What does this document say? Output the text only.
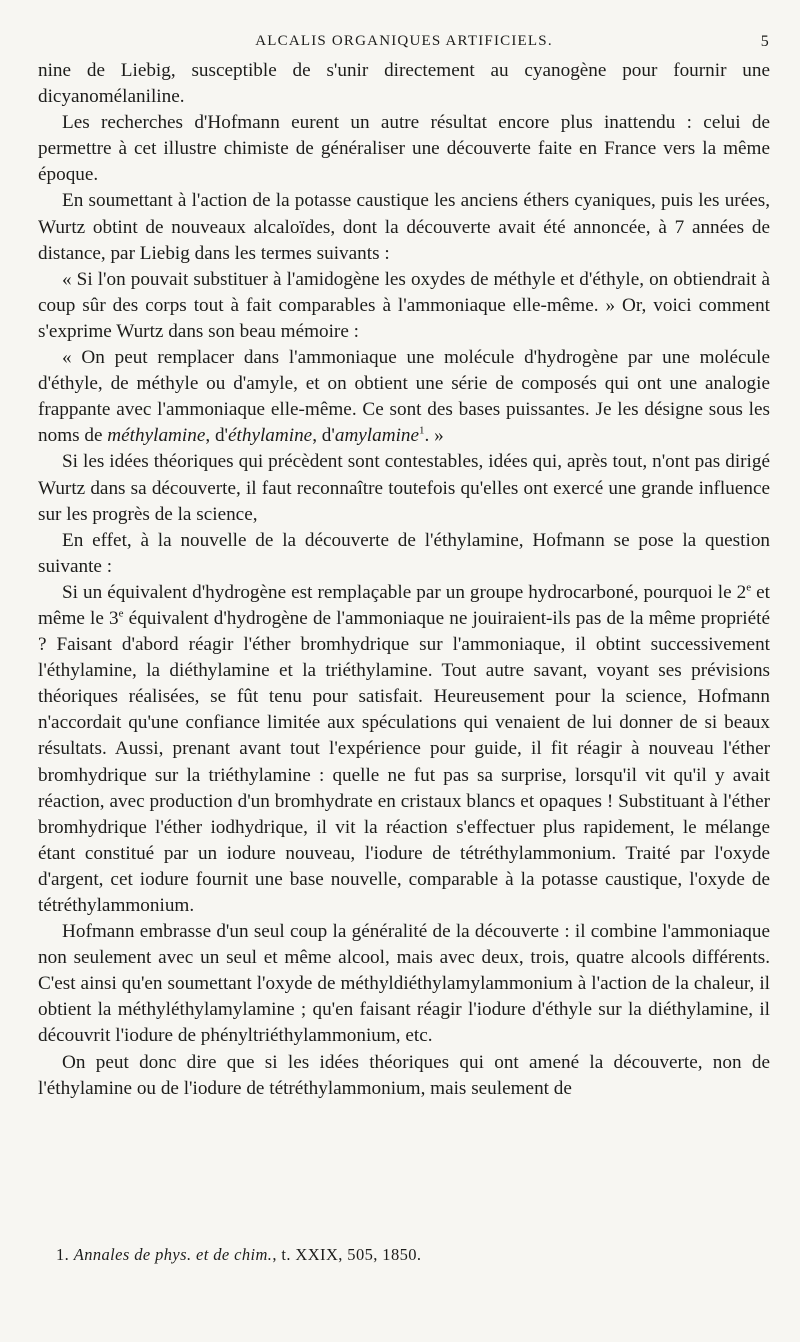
ALCALIS ORGANIQUES ARTIFICIELS.	5

nine de Liebig, susceptible de s'unir directement au cyanogène pour fournir une dicyanomélaniline.

Les recherches d'Hofmann eurent un autre résultat encore plus inattendu : celui de permettre à cet illustre chimiste de généraliser une découverte faite en France vers la même époque.

En soumettant à l'action de la potasse caustique les anciens éthers cyaniques, puis les urées, Wurtz obtint de nouveaux alcaloïdes, dont la découverte avait été annoncée, à 7 années de distance, par Liebig dans les termes suivants :

« Si l'on pouvait substituer à l'amidogène les oxydes de méthyle et d'éthyle, on obtiendrait à coup sûr des corps tout à fait comparables à l'ammoniaque elle-même. » Or, voici comment s'exprime Wurtz dans son beau mémoire :

« On peut remplacer dans l'ammoniaque une molécule d'hydrogène par une molécule d'éthyle, de méthyle ou d'amyle, et on obtient une série de composés qui ont une analogie frappante avec l'ammoniaque elle-même. Ce sont des bases puissantes. Je les désigne sous les noms de méthylamine, d'éthylamine, d'amylamine$^1$. »

Si les idées théoriques qui précèdent sont contestables, idées qui, après tout, n'ont pas dirigé Wurtz dans sa découverte, il faut reconnaître toutefois qu'elles ont exercé une grande influence sur les progrès de la science,

En effet, à la nouvelle de la découverte de l'éthylamine, Hofmann se pose la question suivante :

Si un équivalent d'hydrogène est remplaçable par un groupe hydrocarboné, pourquoi le 2e et même le 3e équivalent d'hydrogène de l'ammoniaque ne jouiraient-ils pas de la même propriété ? Faisant d'abord réagir l'éther bromhydrique sur l'ammoniaque, il obtint successivement l'éthylamine, la diéthylamine et la triéthylamine. Tout autre savant, voyant ses prévisions théoriques réalisées, se fût tenu pour satisfait. Heureusement pour la science, Hofmann n'accordait qu'une confiance limitée aux spéculations qui venaient de lui donner de si beaux résultats. Aussi, prenant avant tout l'expérience pour guide, il fit réagir à nouveau l'éther bromhydrique sur la triéthylamine : quelle ne fut pas sa surprise, lorsqu'il vit qu'il y avait réaction, avec production d'un bromhydrate en cristaux blancs et opaques ! Substituant à l'éther bromhydrique l'éther iodhydrique, il vit la réaction s'effectuer plus rapidement, le mélange étant constitué par un iodure nouveau, l'iodure de tétréthylammonium. Traité par l'oxyde d'argent, cet iodure fournit une base nouvelle, comparable à la potasse caustique, l'oxyde de tétréthylammonium.

Hofmann embrasse d'un seul coup la généralité de la découverte : il combine l'ammoniaque non seulement avec un seul et même alcool, mais avec deux, trois, quatre alcools différents. C'est ainsi qu'en soumettant l'oxyde de méthyldiéthylamylammonium à l'action de la chaleur, il obtient la méthyléthylamylamine ; qu'en faisant réagir l'iodure d'éthyle sur la diéthylamine, il découvrit l'iodure de phényltriéthylammonium, etc.

On peut donc dire que si les idées théoriques qui ont amené la découverte, non de l'éthylamine ou de l'iodure de tétréthylammonium, mais seulement de

1. Annales de phys. et de chim., t. XXIX, 505, 1850.
